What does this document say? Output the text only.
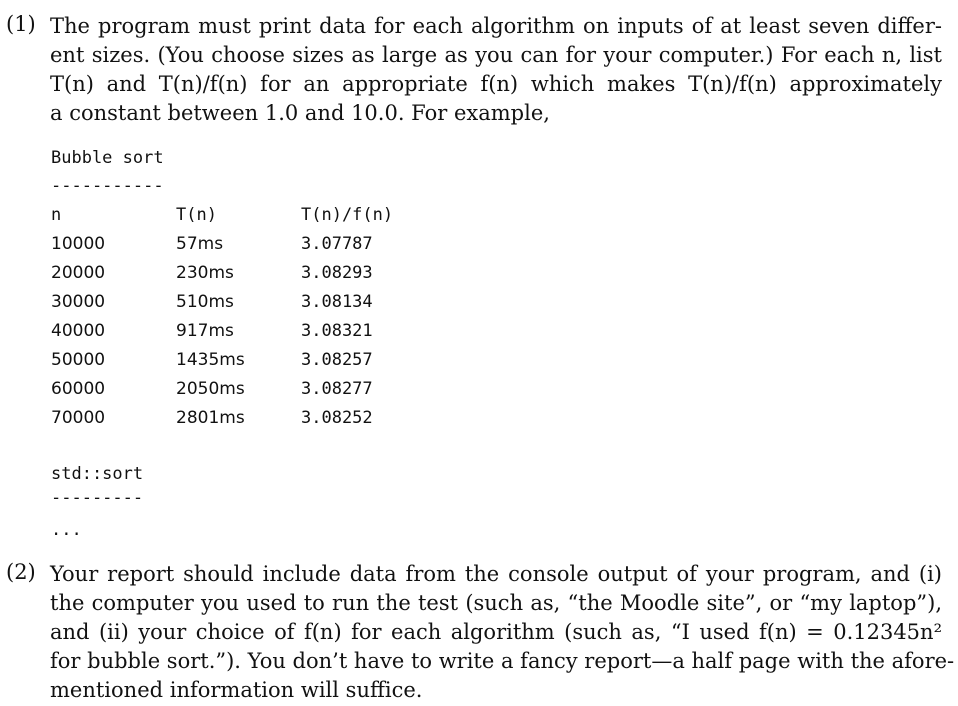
(1) The program must print data for each algorithm on inputs of at least seven differ-
ent sizes. (You choose sizes as large as you can for your computer.) For each n, list
T(n) and T(n)/f(n) for an appropriate f(n) which makes T(n)/f(n) approximately
a constant between 1.0 and 10.0. For example,
Bubble sort
-----------
n	T(n)	T(n)/f(n)
10000	57ms	3.07787
20000	230ms	3.08293
30000	510ms	3.08134
40000	917ms	3.08321
50000	1435ms	3.08257
60000	2050ms	3.08277
70000	2801ms	3.08252
std::sort
---------
...
(2) Your report should include data from the console output of your program, and (i)
the computer you used to run the test (such as, “the Moodle site”, or “my laptop”),
and (ii) your choice of f(n) for each algorithm (such as, “I used f(n) = 0.12345n²
for bubble sort.”). You don’t have to write a fancy report—a half page with the afore-
mentioned information will suffice.
